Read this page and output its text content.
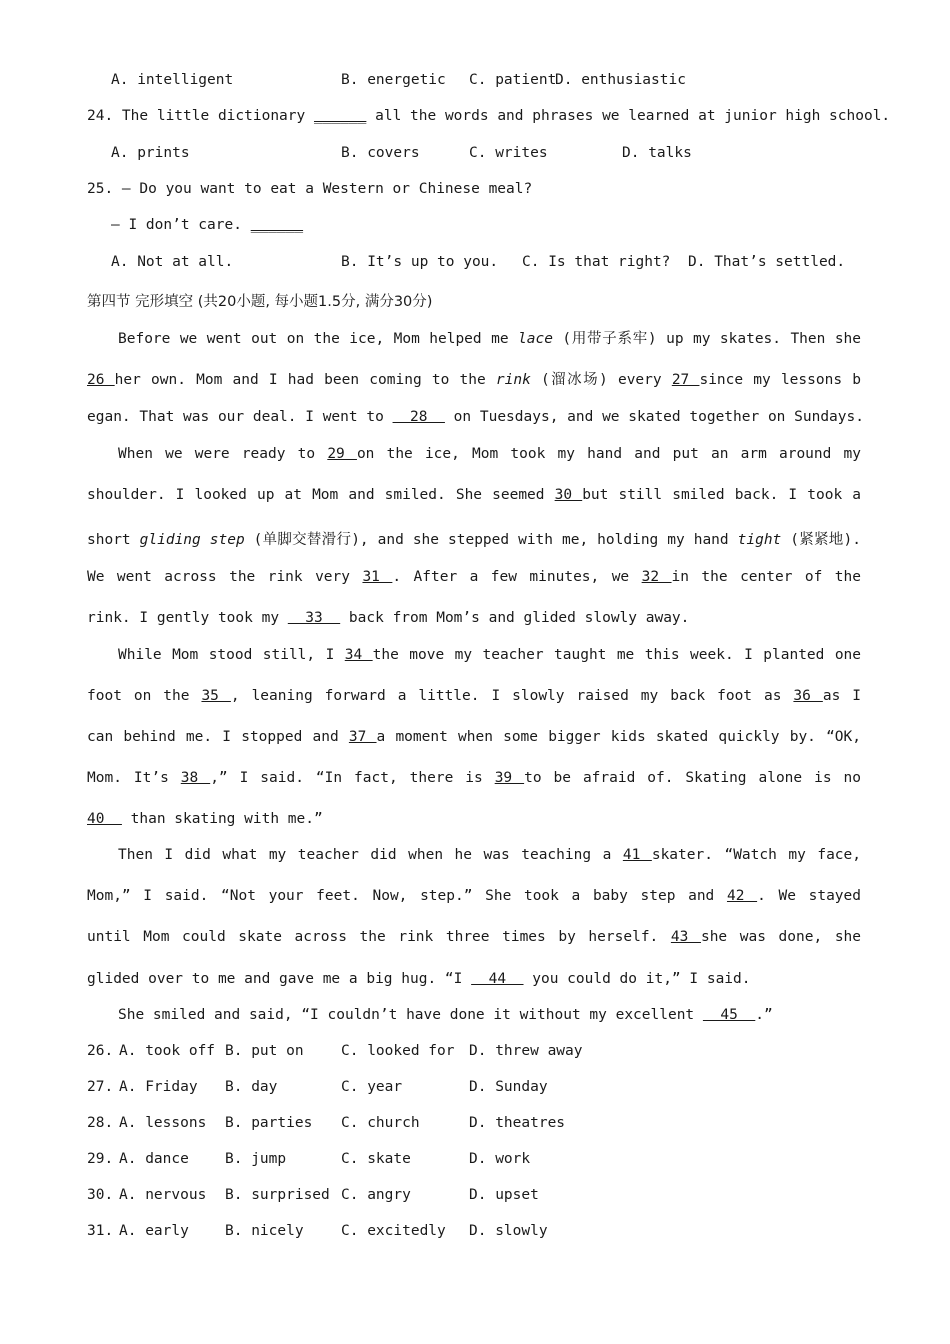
A. intelligent	B. energetic C. patient
D. enthusiastic
24. The little dictionary ______ all the words and phrases we learned at junior high school.
A. prints	B. covers	C. writes	D. talks
25. — Do you want to eat a Western or Chinese meal?
— I don’t care. ______
A. Not at all.	B. It’s up to you. C. Is that right? D. That’s settled.
第四节 完形填空 (共20小题, 每小题1.5分, 满分30分)
Before we went out on the ice, Mom helped me lace (用带子系牢) up my skates. Then she
26 her own. Mom and I had been coming to the rink (溜冰场) every 27 since my lessons b
egan. That was our deal. I went to   28   on Tuesdays, and we skated together on Sundays.
When we were ready to 29 on the ice, Mom took my hand and put an arm around my
shoulder. I looked up at Mom and smiled. She seemed 30 but still smiled back. I took a
short gliding step (单脚交替滑行), and she stepped with me, holding my hand tight (紧紧地).
We went across the rink very 31 . After a few minutes, we 32 in the center of the
rink. I gently took my   33   back from Mom’s and glided slowly away.
While Mom stood still, I 34 the move my teacher taught me this week. I planted one
foot on the 35 , leaning forward a little. I slowly raised my back foot as 36 as I
can behind me. I stopped and 37 a moment when some bigger kids skated quickly by. “OK,
Mom. It’s 38 ,” I said. “In fact, there is 39 to be afraid of. Skating alone is no
40   than skating with me.”
Then I did what my teacher did when he was teaching a 41 skater. “Watch my face,
Mom,” I said. “Not your feet. Now, step.” She took a baby step and 42 . We stayed
until Mom could skate across the rink three times by herself. 43 she was done, she
glided over to me and gave me a big hug. “I   44   you could do it,” I said.
She smiled and said, “I couldn’t have done it without my excellent   45  .”
26. A. took off B. put on	C. looked for D. threw away
27. A. Friday B. day	C. year	D. Sunday
28. A. lessons B. parties C. church	D. theatres
29. A. dance B. jump	C. skate	D. work
30. A. nervous B. surprised C. angry	D. upset
31. A. early B. nicely	C. excitedly D. slowly
